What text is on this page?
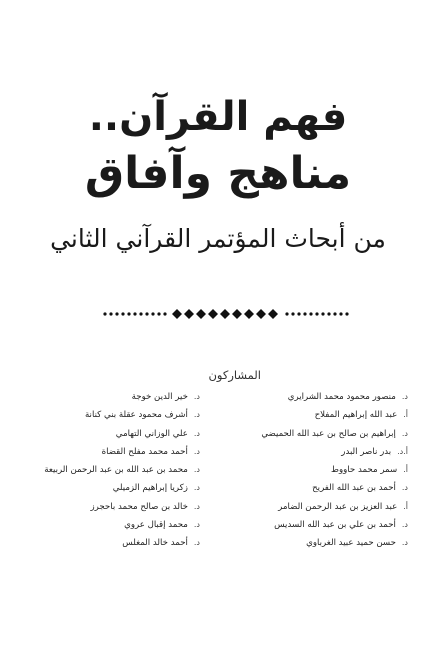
فهم القرآن..
مناهج وآفاق
من أبحاث المؤتمر القرآني الثاني
المشاركون
د.منصور محمود محمد الشرايري
أ.عبد الله إبراهيم المفلاح
د.إبراهيم بن صالح بن عبد الله الحميضي
أ.د.بدر ناصر البدر
أ.سمر محمد حاووط
د.أحمد بن عبد الله الفريح
أ.عبد العزيز بن عبد الرحمن الضامر
د.أحمد بن علي بن عبد الله السديس
د.حسن حميد عبيد الغرباوي
د.خير الدين خوجة
د.أشرف محمود عقلة بني كنانة
د.علي الوزاني التهامي
د.أحمد محمد مفلح القضاة
د.محمد بن عبد الله بن عبد الرحمن الربيعة
د.زكريا إبراهيم الزميلي
د.خالد بن صالح محمد باحجرز
د.محمد إقبال عروي
د.أحمد خالد المغلس
